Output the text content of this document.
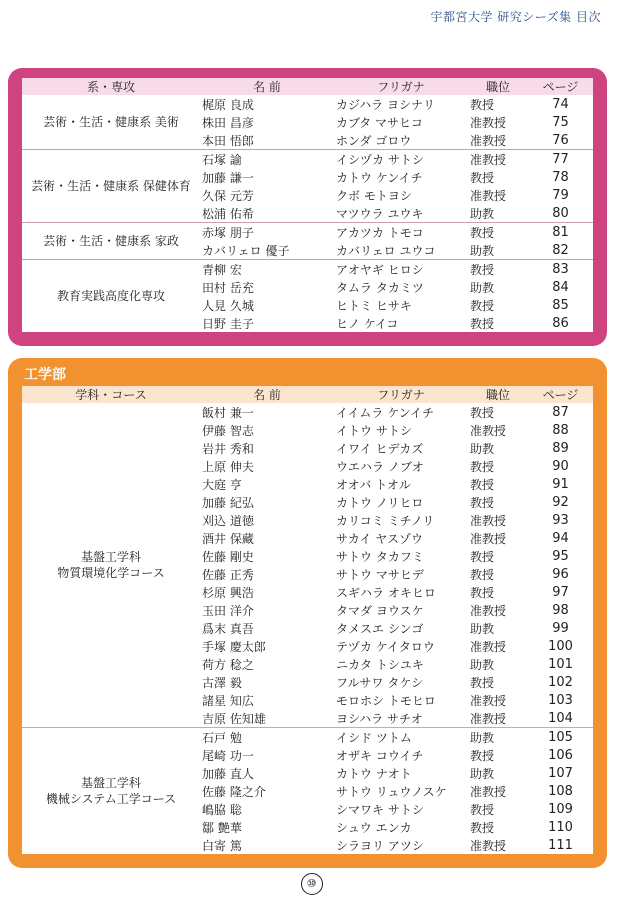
宇都宮大学 研究シーズ集 目次
系・専攻	名 前	フリガナ	職位	ページ
芸術・生活・健康系 美術	梶原 良成	カジハラ ヨシナリ	教授	74
	株田 昌彦	カブタ マサヒコ	准教授	75
	本田 悟郎	ホンダ ゴロウ	准教授	76
芸術・生活・健康系 保健体育	石塚 諭	イシヅカ サトシ	准教授	77
	加藤 謙一	カトウ ケンイチ	教授	78
	久保 元芳	クボ モトヨシ	准教授	79
	松浦 佑希	マツウラ ユウキ	助教	80
芸術・生活・健康系 家政	赤塚 朋子	アカツカ トモコ	教授	81
	カバリェロ 優子	カバリェロ ユウコ	助教	82
教育実践高度化専攻	青柳 宏	アオヤギ ヒロシ	教授	83
	田村 岳充	タムラ タカミツ	助教	84
	人見 久城	ヒトミ ヒサキ	教授	85
	日野 圭子	ヒノ ケイコ	教授	86
工学部
学科・コース	名 前	フリガナ	職位	ページ
基盤工学科
物質環境化学コース	飯村 兼一	イイムラ ケンイチ	教授	87
	伊藤 智志	イトウ サトシ	准教授	88
	岩井 秀和	イワイ ヒデカズ	助教	89
	上原 伸夫	ウエハラ ノブオ	教授	90
	大庭 亨	オオバ トオル	教授	91
	加藤 紀弘	カトウ ノリヒロ	教授	92
	刈込 道徳	カリコミ ミチノリ	准教授	93
	酒井 保藏	サカイ ヤスゾウ	准教授	94
	佐藤 剛史	サトウ タカフミ	教授	95
	佐藤 正秀	サトウ マサヒデ	教授	96
	杉原 興浩	スギハラ オキヒロ	教授	97
	玉田 洋介	タマダ ヨウスケ	准教授	98
	爲末 真吾	タメスエ シンゴ	助教	99
	手塚 慶太郎	テヅカ ケイタロウ	准教授	100
	荷方 稔之	ニカタ トシユキ	助教	101
	古澤 毅	フルサワ タケシ	教授	102
	諸星 知広	モロホシ トモヒロ	准教授	103
	吉原 佐知雄	ヨシハラ サチオ	准教授	104
基盤工学科
機械システム工学コース	石戸 勉	イシド ツトム	助教	105
	尾崎 功一	オザキ コウイチ	教授	106
	加藤 直人	カトウ ナオト	助教	107
	佐藤 隆之介	サトウ リュウノスケ	准教授	108
	嶋脇 聡	シマワキ サトシ	教授	109
	鄒 艶華	シュウ エンカ	教授	110
	白寄 篤	シラヨリ アツシ	准教授	111
⑩
